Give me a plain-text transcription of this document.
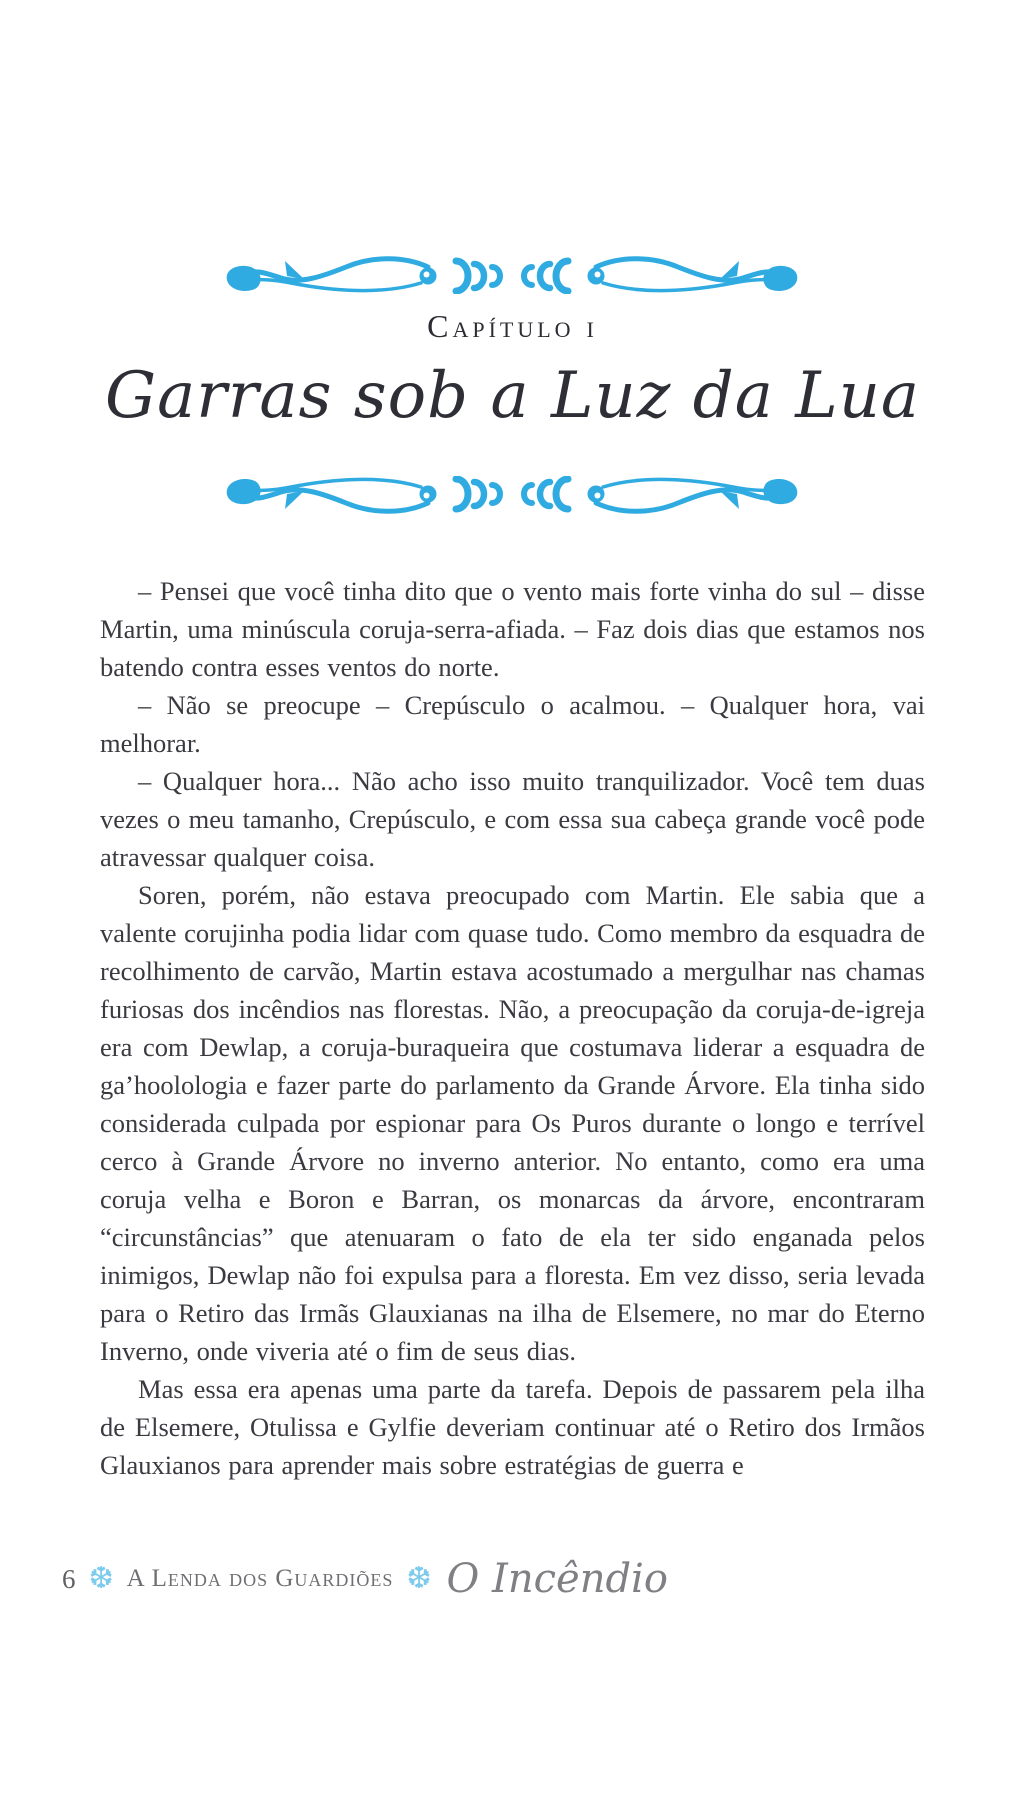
Capítulo i
Garras sob a Luz da Lua

– Pensei que você tinha dito que o vento mais forte vinha do sul – disse Martin, uma minúscula coruja-serra-afiada. – Faz dois dias que estamos nos batendo contra esses ventos do norte.

– Não se preocupe – Crepúsculo o acalmou. – Qualquer hora, vai melhorar.

– Qualquer hora... Não acho isso muito tranquilizador. Você tem duas vezes o meu tamanho, Crepúsculo, e com essa sua cabeça grande você pode atravessar qualquer coisa.

Soren, porém, não estava preocupado com Martin. Ele sabia que a valente corujinha podia lidar com quase tudo. Como membro da esquadra de recolhimento de carvão, Martin estava acostumado a mergulhar nas chamas furiosas dos incêndios nas florestas. Não, a preocupação da coruja-de-igreja era com Dewlap, a coruja-buraqueira que costumava liderar a esquadra de ga’hoolologia e fazer parte do parlamento da Grande Árvore. Ela tinha sido considerada culpada por espionar para Os Puros durante o longo e terrível cerco à Grande Árvore no inverno anterior. No entanto, como era uma coruja velha e Boron e Barran, os monarcas da árvore, encontraram “circunstâncias” que atenuaram o fato de ela ter sido enganada pelos inimigos, Dewlap não foi expulsa para a floresta. Em vez disso, seria levada para o Retiro das Irmãs Glauxianas na ilha de Elsemere, no mar do Eterno Inverno, onde viveria até o fim de seus dias.

Mas essa era apenas uma parte da tarefa. Depois de passarem pela ilha de Elsemere, Otulissa e Gylfie deveriam continuar até o Retiro dos Irmãos Glauxianos para aprender mais sobre estratégias de guerra e

6 ❆ A Lenda dos Guardiões ❆ O Incêndio
